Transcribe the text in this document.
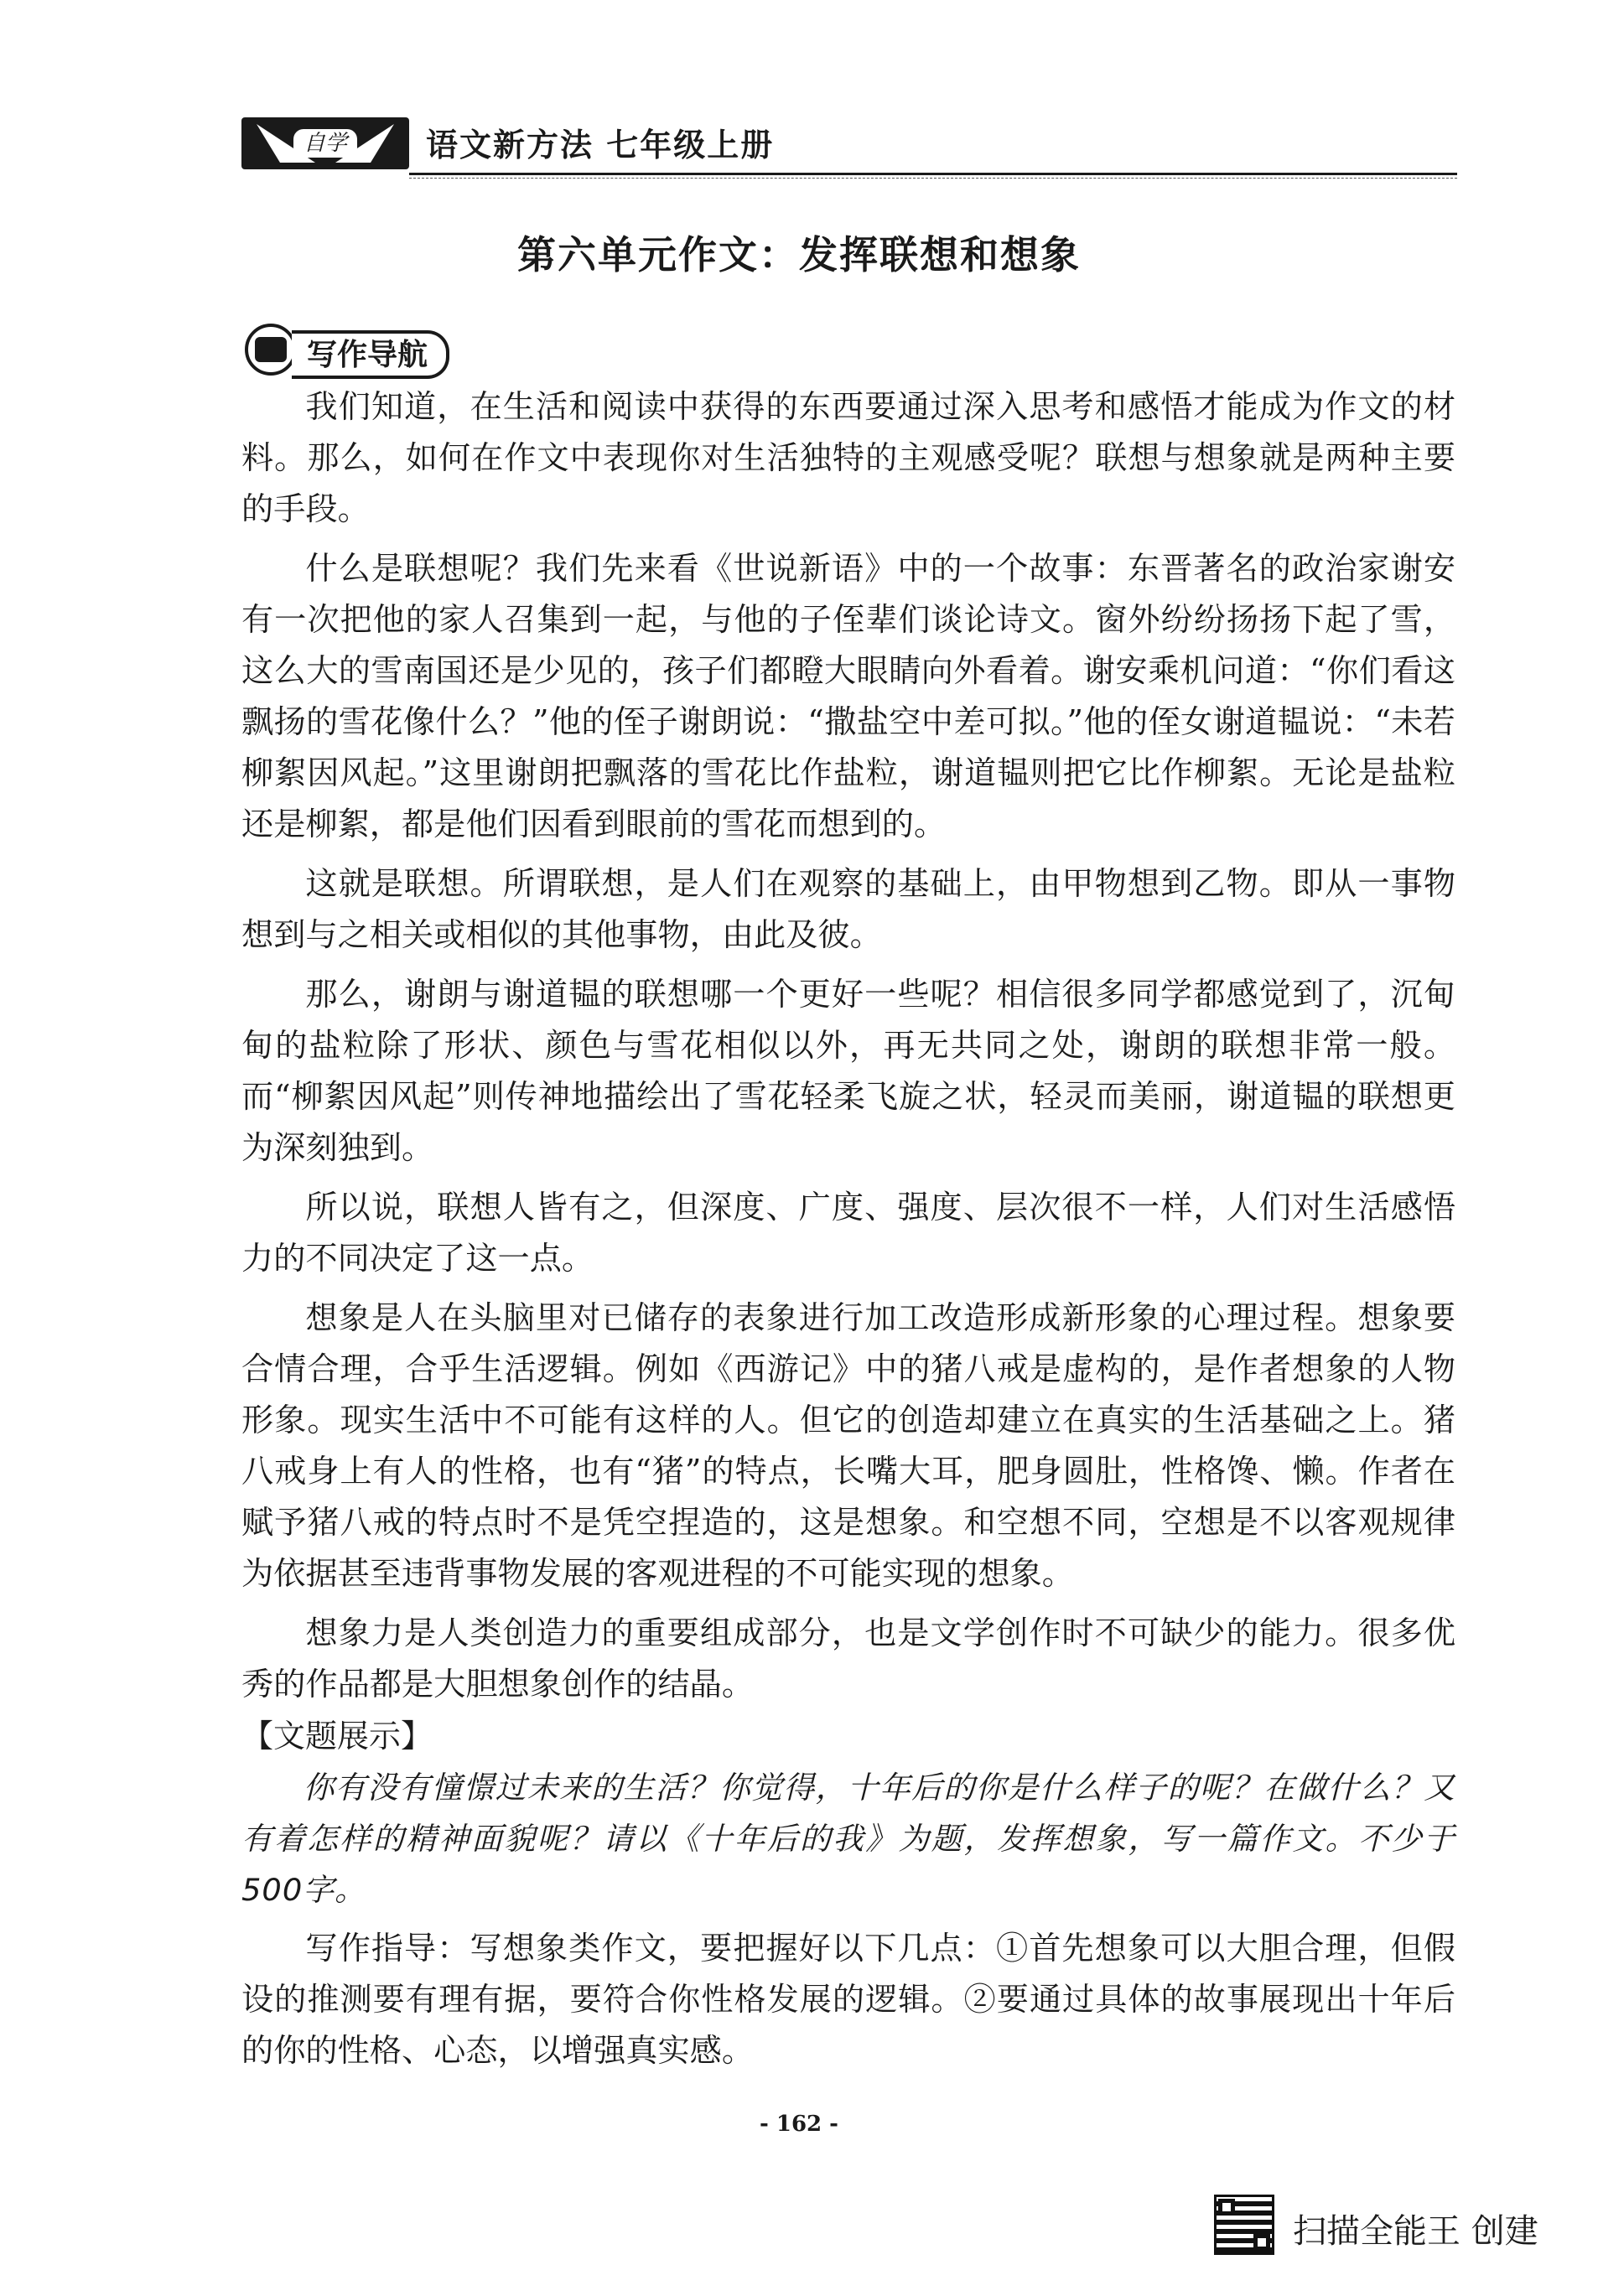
自学	语文新方法 七年级上册
第六单元作文：发挥联想和想象
写作导航

我们知道，在生活和阅读中获得的东西要通过深入思考和感悟才能成为作文的材料。那么，如何在作文中表现你对生活独特的主观感受呢？联想与想象就是两种主要的手段。

什么是联想呢？我们先来看《世说新语》中的一个故事：东晋著名的政治家谢安有一次把他的家人召集到一起，与他的子侄辈们谈论诗文。窗外纷纷扬扬下起了雪，这么大的雪南国还是少见的，孩子们都瞪大眼睛向外看着。谢安乘机问道：“你们看这飘扬的雪花像什么？”他的侄子谢朗说：“撒盐空中差可拟。”他的侄女谢道韫说：“未若柳絮因风起。”这里谢朗把飘落的雪花比作盐粒，谢道韫则把它比作柳絮。无论是盐粒还是柳絮，都是他们因看到眼前的雪花而想到的。

这就是联想。所谓联想，是人们在观察的基础上，由甲物想到乙物。即从一事物想到与之相关或相似的其他事物，由此及彼。

那么，谢朗与谢道韫的联想哪一个更好一些呢？相信很多同学都感觉到了，沉甸甸的盐粒除了形状、颜色与雪花相似以外，再无共同之处，谢朗的联想非常一般。而“柳絮因风起”则传神地描绘出了雪花轻柔飞旋之状，轻灵而美丽，谢道韫的联想更为深刻独到。

所以说，联想人皆有之，但深度、广度、强度、层次很不一样，人们对生活感悟力的不同决定了这一点。

想象是人在头脑里对已储存的表象进行加工改造形成新形象的心理过程。想象要合情合理，合乎生活逻辑。例如《西游记》中的猪八戒是虚构的，是作者想象的人物形象。现实生活中不可能有这样的人。但它的创造却建立在真实的生活基础之上。猪八戒身上有人的性格，也有“猪”的特点，长嘴大耳，肥身圆肚，性格馋、懒。作者在赋予猪八戒的特点时不是凭空捏造的，这是想象。和空想不同，空想是不以客观规律为依据甚至违背事物发展的客观进程的不可能实现的想象。

想象力是人类创造力的重要组成部分，也是文学创作时不可缺少的能力。很多优秀的作品都是大胆想象创作的结晶。

【文题展示】

你有没有憧憬过未来的生活？你觉得，十年后的你是什么样子的呢？在做什么？又有着怎样的精神面貌呢？请以《十年后的我》为题，发挥想象，写一篇作文。不少于500字。

写作指导：写想象类作文，要把握好以下几点：①首先想象可以大胆合理，但假设的推测要有理有据，要符合你性格发展的逻辑。②要通过具体的故事展现出十年后的你的性格、心态，以增强真实感。

- 162 -
扫描全能王 创建
